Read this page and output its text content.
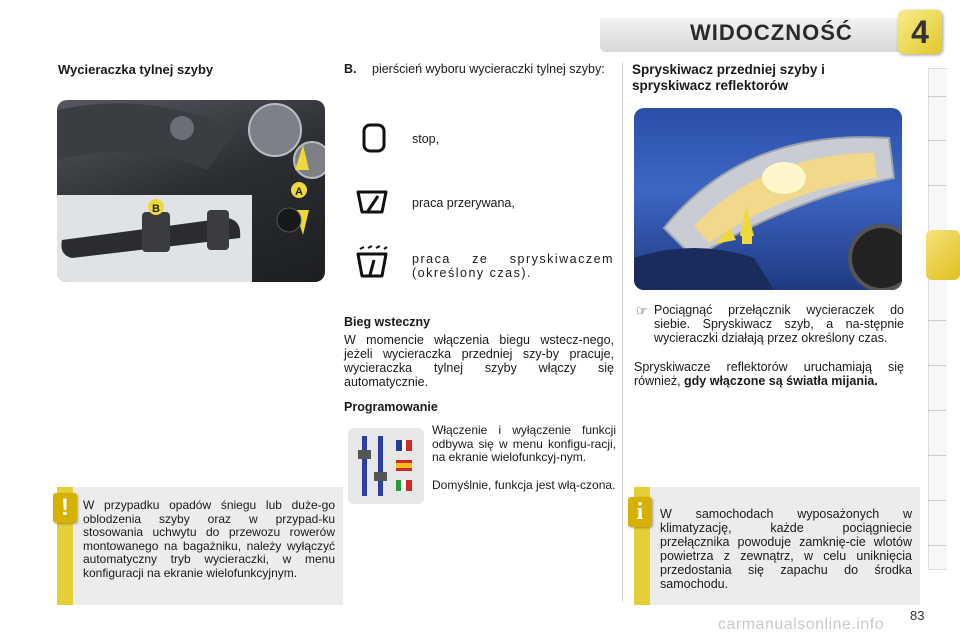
WIDOCZNOŚĆ	4
Wycieraczka tylnej szyby
B
A
W przypadku opadów śniegu lub duże-go oblodzenia szyby oraz w przypad-ku stosowania uchwytu do przewozu rowerów montowanego na bagażniku, należy wyłączyć automatyczny tryb wycieraczki, w menu konfiguracji na ekranie wielofunkcyjnym.
!
B. pierścień wyboru wycieraczki tylnej szyby:

stop,
praca przerywana,

praca ze spryskiwaczem (określony czas).

Bieg wsteczny

W momencie włączenia biegu wstecz-nego, jeżeli wycieraczka przedniej szy-by pracuje, wycieraczka tylnej szyby włączy się automatycznie.

Programowanie

Włączenie i wyłączenie funkcji odbywa się w menu konfigu-racji, na ekranie wielofunkcyj-nym.

Domyślnie, funkcja jest włą-czona.

Spryskiwacz przedniej szyby i spryskiwacz reflektorów
☞ Pociągnąć przełącznik wycieraczek do siebie. Spryskiwacz szyb, a na-stępnie wycieraczki działają przez określony czas.

Spryskiwacze reflektorów uruchamiają się również, gdy włączone są światła mijania.

W samochodach wyposażonych w klimatyzację, każde pociągniecie przełącznika powoduje zamknię-cie wlotów powietrza z zewnątrz, w celu uniknięcia przedostania się zapachu do środka samochodu.
i
83
carmanualsonline.info
